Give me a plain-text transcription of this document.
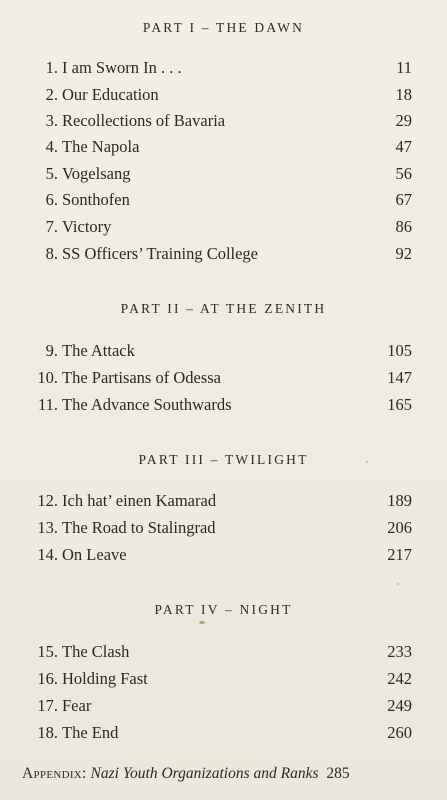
PART I – THE DAWN
1. I am Sworn In . . .	11
2. Our Education	18
3. Recollections of Bavaria	29
4. The Napola	47
5. Vogelsang	56
6. Sonthofen	67
7. Victory	86
8. SS Officers’ Training College	92
PART II – AT THE ZENITH
9. The Attack	105
10. The Partisans of Odessa	147
11. The Advance Southwards	165
PART III – TWILIGHT
12. Ich hat’ einen Kamarad	189
13. The Road to Stalingrad	206
14. On Leave	217
PART IV – NIGHT
15. The Clash	233
16. Holding Fast	242
17. Fear	249
18. The End	260
Appendix: Nazi Youth Organizations and Ranks 285
